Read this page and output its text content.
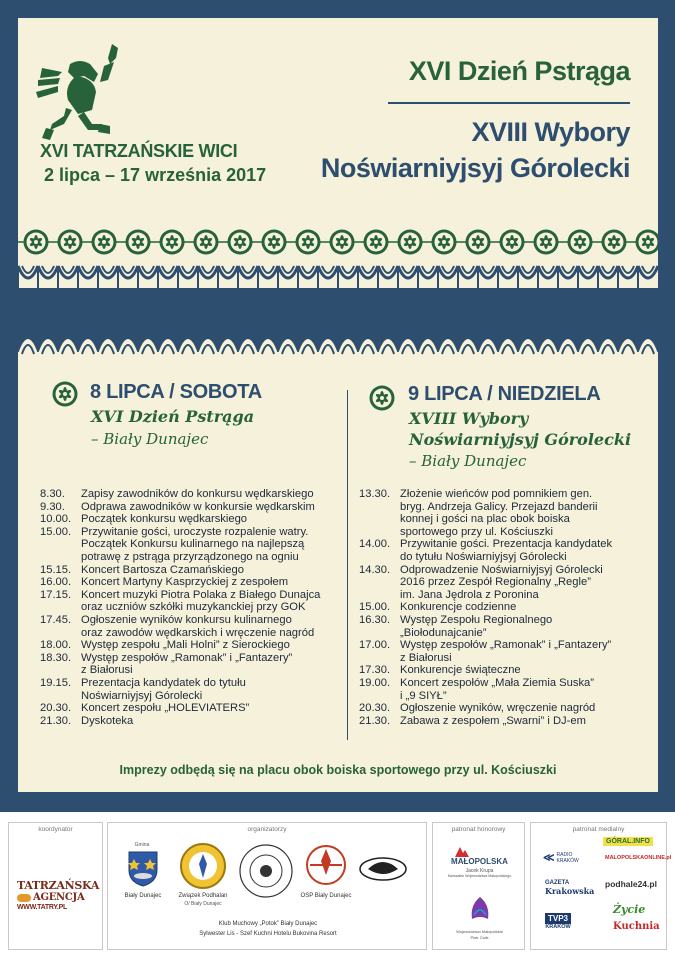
XVI TATRZAŃSKIE WICI
2 lipca – 17 września 2017
XVI Dzień Pstrąga
XVIII Wybory
Noświarniyjsyj Górolecki
8 LIPCA / SOBOTA
XVI Dzień Pstrąga
– Biały Dunajec
9 LIPCA / NIEDZIELA
XVIII Wybory
Noświarniyjsyj Górolecki
– Biały Dunajec
8.30.	Zapisy zawodników do konkursu wędkarskiego
9.30.	Odprawa zawodników w konkursie wędkarskim
10.00. Początek konkursu wędkarskiego
15.00. Przywitanie gości, uroczyste rozpalenie watry.
Początek Konkursu kulinarnego na najlepszą
potrawę z pstrąga przyrządzonego na ogniu
15.15. Koncert Bartosza Czamańskiego
16.00. Koncert Martyny Kasprzyckiej z zespołem
17.15. Koncert muzyki Piotra Polaka z Białego Dunajca
oraz uczniów szkółki muzykanckiej przy GOK
17.45. Ogłoszenie wyników konkursu kulinarnego
oraz zawodów wędkarskich i wręczenie nagród
18.00. Występ zespołu „Mali Holni” z Sierockiego
18.30. Występ zespołów „Ramonak” i „Fantazery”
z Białorusi
19.15. Prezentacja kandydatek do tytułu
Noświarniyjsyj Górolecki
20.30. Koncert zespołu „HOLEVIATERS”
21.30. Dyskoteka
13.30. Złożenie wieńców pod pomnikiem gen.
bryg. Andrzeja Galicy. Przejazd banderii
konnej i gości na plac obok boiska
sportowego przy ul. Kościuszki
14.00. Przywitanie gości. Prezentacja kandydatek
do tytułu Noświarniyjsyj Górolecki
14.30. Odprowadzenie Noświarniyjsyj Górolecki
2016 przez Zespół Regionalny „Regle”
im. Jana Jędrola z Poronina
15.00. Konkurencje codzienne
16.30. Występ Zespołu Regionalnego
„Biołodunajcanie”
17.00. Występ zespołów „Ramonak” i „Fantazery”
z Białorusi
17.30. Konkurencje świąteczne
19.00. Koncert zespołów „Mała Ziemia Suska”
i „9 SIYŁ”
20.30. Ogłoszenie wyników, wręczenie nagród
21.30. Zabawa z zespołem „Swarni” i DJ-em
Imprezy odbędą się na placu obok boiska sportowego przy ul. Kościuszki
koordynator
TATRZAŃSKA
AGENCJA
WWW.TATRY.PL
organizatorzy
Gmina
Biały Dunajec	Związek Podhalan
O/ Biały Dunajec
OSP Biały Dunajec
Klub Muchowy „Potok” Biały Dunajec
Sylwester Lis - Szef Kuchni Hotelu Bukovina Resort
patronat honorowy
MAŁOPOLSKA
Jacek Krupa
Marszałek Województwa Małopolskiego
Województwo Małopolskie
Piotr Ćwik
patronat medialny
GÓRAL.INFO
≪ RADIO KRAKÓW	MALOPOLSKAONLINE.pl
GAZETA
Krakowska
podhale24.pl
TVP3
KRAKÓW
Życie
Kuchnia
